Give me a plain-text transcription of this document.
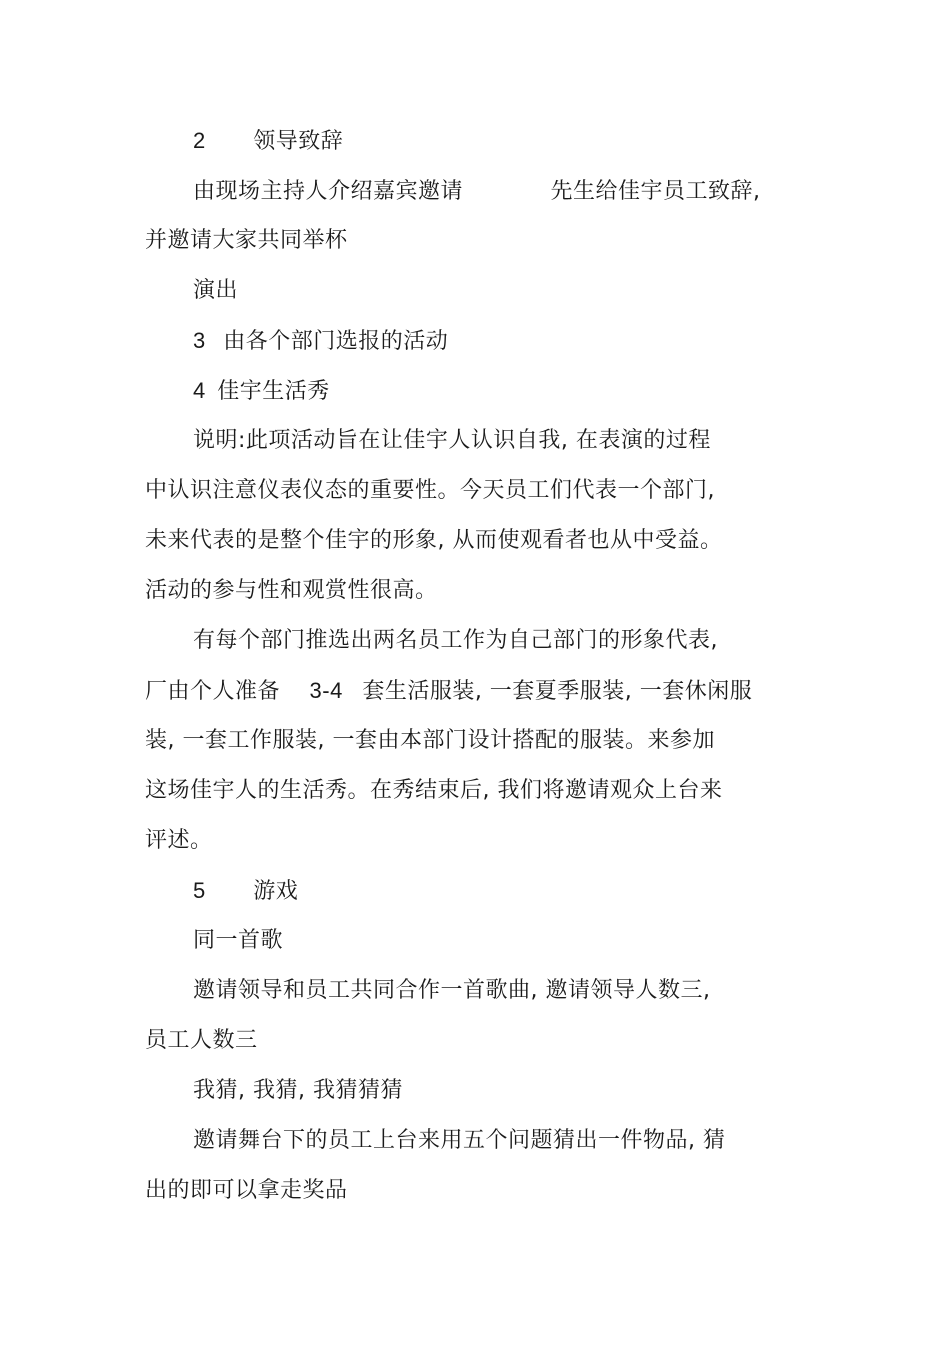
2 领导致辞
由现场主持人介绍嘉宾邀请	先生给佳宇员工致辞,
并邀请大家共同举杯
演出
3 由各个部门选报的活动
4 佳宇生活秀
说明:此项活动旨在让佳宇人认识自我, 在表演的过程
中认识注意仪表仪态的重要性。今天员工们代表一个部门,
未来代表的是整个佳宇的形象, 从而使观看者也从中受益。
活动的参与性和观赏性很高。
有每个部门推选出两名员工作为自己部门的形象代表,
厂由个人准备 3-4 套生活服装, 一套夏季服装, 一套休闲服
装, 一套工作服装, 一套由本部门设计搭配的服装。来参加
这场佳宇人的生活秀。在秀结束后, 我们将邀请观众上台来
评述。
5 游戏
同一首歌
邀请领导和员工共同合作一首歌曲, 邀请领导人数三,
员工人数三
我猜, 我猜, 我猜猜猜
邀请舞台下的员工上台来用五个问题猜出一件物品, 猜
出的即可以拿走奖品
